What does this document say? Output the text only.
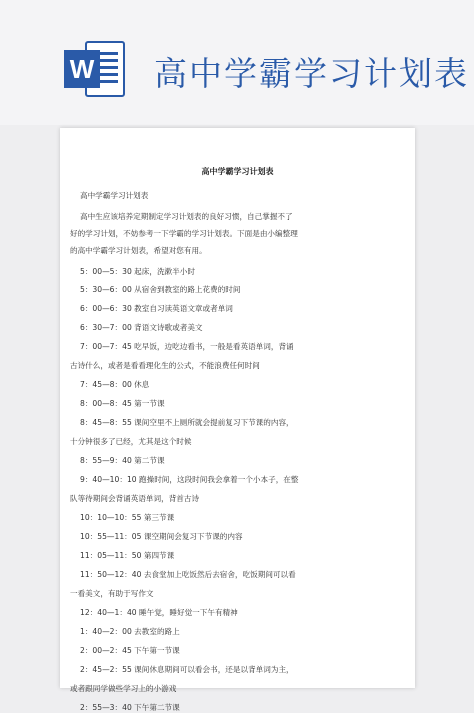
W 高中学霸学习计划表
高中学霸学习计划表
高中学霸学习计划表
高中生应该培养定期制定学习计划表的良好习惯，自己掌握不了
好的学习计划，不妨参考一下学霸的学习计划表。下面是由小编整理
的高中学霸学习计划表，希望对您有用。
5：00—5：30 起床，洗漱半小时
5：30—6：00 从宿舍到教室的路上花费的时间
6：00—6：30 教室自习读英语文章或者单词
6：30—7：00 背语文诗歌或者美文
7：00—7：45 吃早饭，边吃边看书，一般是看英语单词，背诵
古诗什么，或者是看看理化生的公式，不能浪费任何时间
7：45—8：00 休息
8：00—8：45 第一节课
8：45—8：55 课间空里不上厕所就会提前复习下节课的内容，
十分钟很多了已经，尤其是这个时候
8：55—9：40 第二节课
9：40—10：10 跑操时间，这段时间我会拿着一个小本子，在整
队等待期间会背诵英语单词，背首古诗
10：10—10：55 第三节课
10：55—11：05 课空期间会复习下节课的内容
11：05—11：50 第四节课
11：50—12：40 去食堂加上吃饭然后去宿舍，吃饭期间可以看
一看美文，有助于写作文
12：40—1：40 睡午觉，睡好觉一下午有精神
1：40—2：00 去教室的路上
2：00—2：45 下午第一节课
2：45—2：55 课间休息期间可以看会书，还是以背单词为主，
或者跟同学做些学习上的小游戏
2：55—3：40 下午第二节课
